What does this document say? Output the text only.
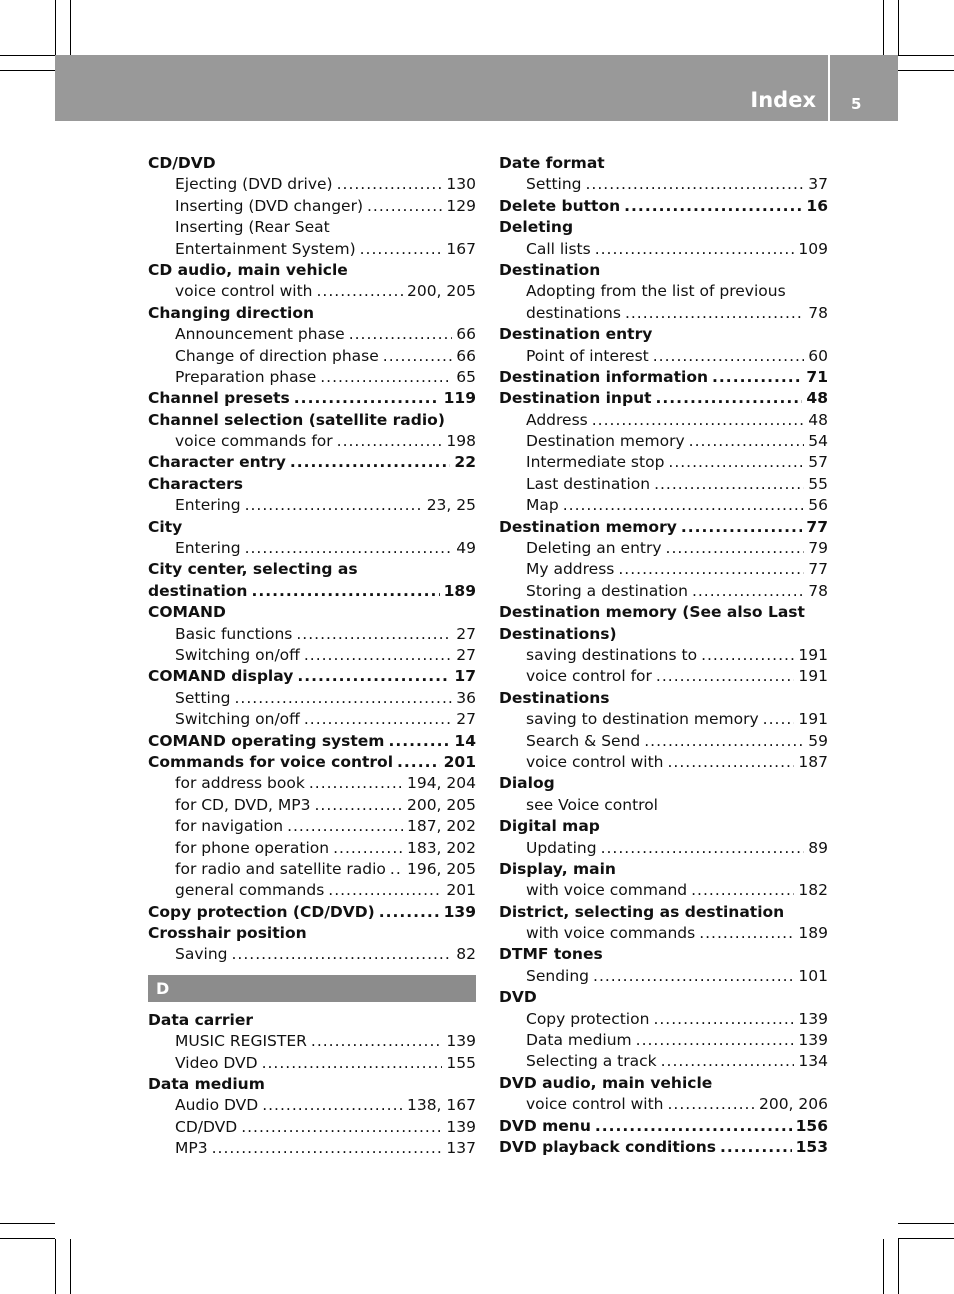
Index 5
CD/DVD
Ejecting (DVD drive) .....	130
Inserting (DVD changer) .....	129
Inserting (Rear Seat
Entertainment System) .....	167
CD audio, main vehicle
voice control with .....	200, 205
Changing direction
Announcement phase .....	66
Change of direction phase .....	66
Preparation phase .....	65
Channel presets .....	119
Channel selection (satellite radio)
voice commands for .....	198
Character entry .....	22
Characters
Entering .....	23, 25
City
Entering .....	49
City center, selecting as
destination .....	189
COMAND
Basic functions .....	27
Switching on/off .....	27
COMAND display .....	17
Setting .....	36
Switching on/off .....	27
COMAND operating system .....	14
Commands for voice control .....	201
for address book .....	194, 204
for CD, DVD, MP3 .....	200, 205
for navigation .....	187, 202
for phone operation .....	183, 202
for radio and satellite radio ..... 196, 205
general commands .....	201
Copy protection (CD/DVD) .....	139
Crosshair position
Saving .....	82
D
Data carrier
MUSIC REGISTER .....	139
Video DVD .....	155
Data medium
Audio DVD .....	138, 167
CD/DVD .....	139
MP3 .....	137
Date format
Setting .....	37
Delete button .....	16
Deleting
Call lists .....	109
Destination
Adopting from the list of previous
destinations .....	78
Destination entry
Point of interest .....	60
Destination information .....	71
Destination input .....	48
Address .....	48
Destination memory .....	54
Intermediate stop .....	57
Last destination .....	55
Map .....	56
Destination memory .....	77
Deleting an entry .....	79
My address .....	77
Storing a destination .....	78
Destination memory (See also Last
Destinations)
saving destinations to .....	191
voice control for .....	191
Destinations
saving to destination memory .....	191
Search & Send .....	59
voice control with .....	187
Dialog
see Voice control
Digital map
Updating .....	89
Display, main
with voice command .....	182
District, selecting as destination
with voice commands .....	189
DTMF tones
Sending .....	101
DVD
Copy protection .....	139
Data medium .....	139
Selecting a track .....	134
DVD audio, main vehicle
voice control with .....	200, 206
DVD menu .....	156
DVD playback conditions .....	153
